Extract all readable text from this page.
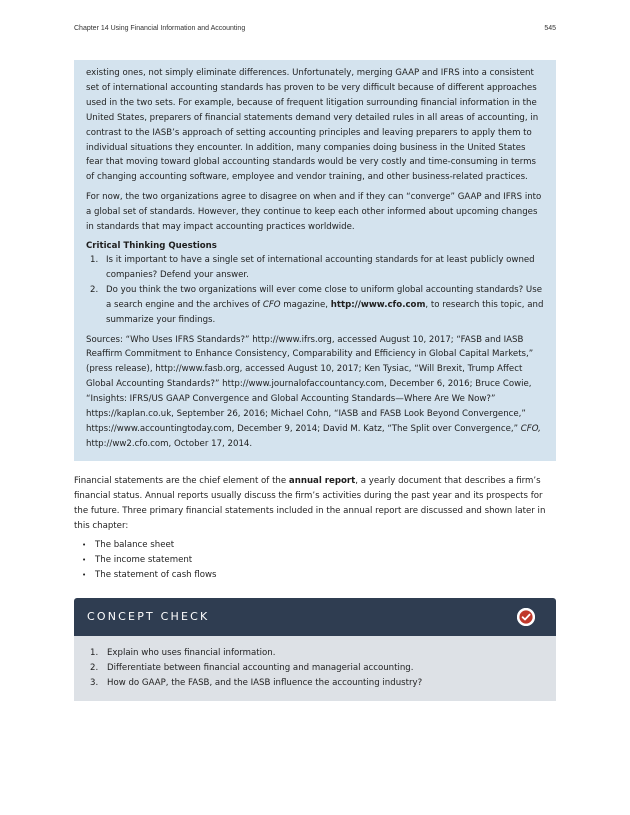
Chapter 14 Using Financial Information and Accounting	545

existing ones, not simply eliminate differences. Unfortunately, merging GAAP and IFRS into a consistent set of international accounting standards has proven to be very difficult because of different approaches used in the two sets. For example, because of frequent litigation surrounding financial information in the United States, preparers of financial statements demand very detailed rules in all areas of accounting, in contrast to the IASB’s approach of setting accounting principles and leaving preparers to apply them to individual situations they encounter. In addition, many companies doing business in the United States fear that moving toward global accounting standards would be very costly and time-consuming in terms of changing accounting software, employee and vendor training, and other business-related practices.

For now, the two organizations agree to disagree on when and if they can “converge” GAAP and IFRS into a global set of standards. However, they continue to keep each other informed about upcoming changes in standards that may impact accounting practices worldwide.

Critical Thinking Questions
1. Is it important to have a single set of international accounting standards for at least publicly owned companies? Defend your answer.
2. Do you think the two organizations will ever come close to uniform global accounting standards? Use a search engine and the archives of CFO magazine, http://www.cfo.com, to research this topic, and summarize your findings.

Sources: “Who Uses IFRS Standards?” http://www.ifrs.org, accessed August 10, 2017; “FASB and IASB Reaffirm Commitment to Enhance Consistency, Comparability and Efficiency in Global Capital Markets,” (press release), http://www.fasb.org, accessed August 10, 2017; Ken Tysiac, “Will Brexit, Trump Affect Global Accounting Standards?” http://www.journalofaccountancy.com, December 6, 2016; Bruce Cowie, “Insights: IFRS/US GAAP Convergence and Global Accounting Standards—Where Are We Now?” https://kaplan.co.uk, September 26, 2016; Michael Cohn, “IASB and FASB Look Beyond Convergence,” https://www.accountingtoday.com, December 9, 2014; David M. Katz, “The Split over Convergence,” CFO, http://ww2.cfo.com, October 17, 2014.

Financial statements are the chief element of the annual report, a yearly document that describes a firm’s financial status. Annual reports usually discuss the firm’s activities during the past year and its prospects for the future. Three primary financial statements included in the annual report are discussed and shown later in this chapter:

• The balance sheet
• The income statement
• The statement of cash flows
CONCEPT CHECK
1. Explain who uses financial information.
2. Differentiate between financial accounting and managerial accounting.
3. How do GAAP, the FASB, and the IASB influence the accounting industry?
